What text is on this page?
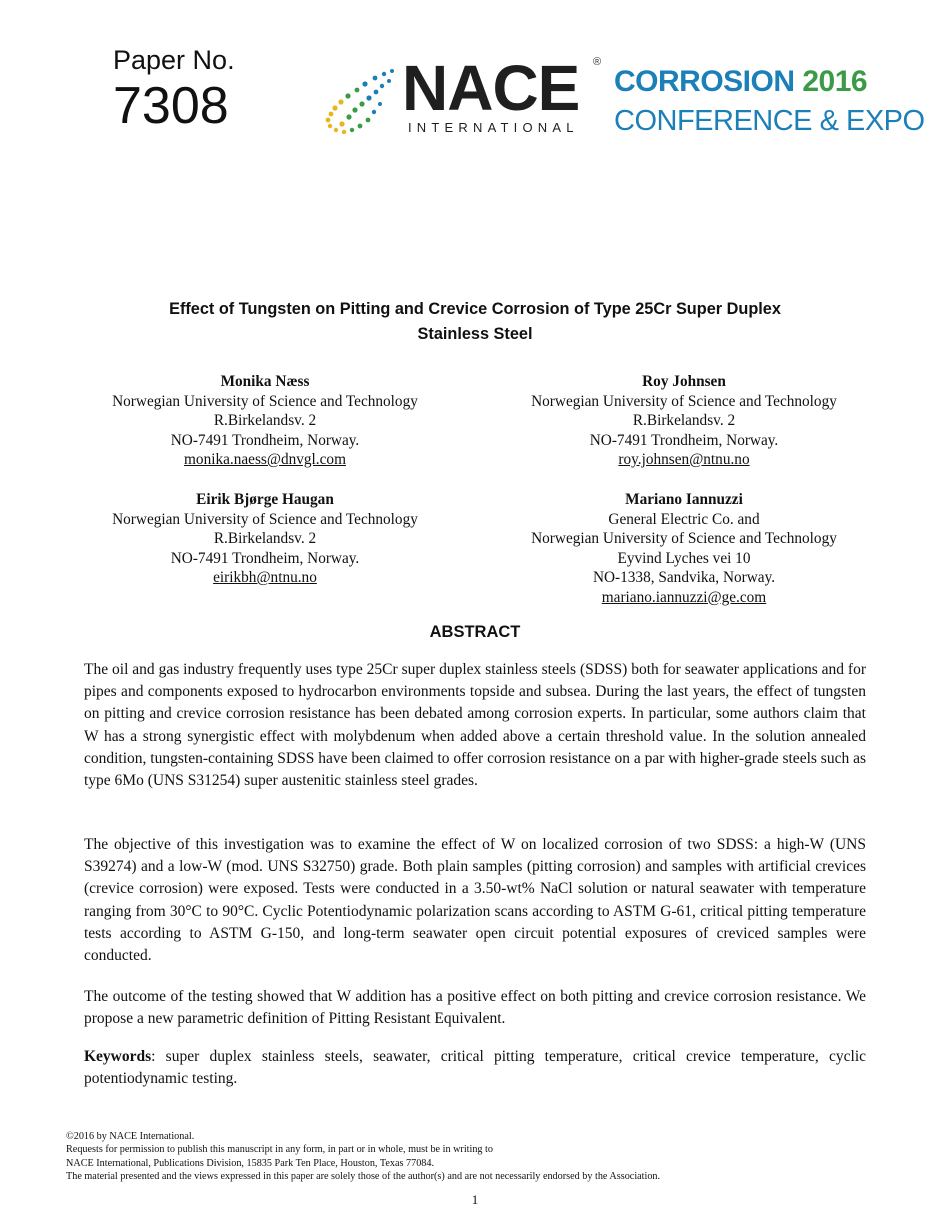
Paper No.
7308	NACE ®
INTERNATIONAL
CORROSION 2016
CONFERENCE & EXPO
Effect of Tungsten on Pitting and Crevice Corrosion of Type 25Cr Super Duplex
Stainless Steel
Monika Næss
Norwegian University of Science and Technology
R.Birkelandsv. 2
NO-7491 Trondheim, Norway.
monika.naess@dnvgl.com
Roy Johnsen
Norwegian University of Science and Technology
R.Birkelandsv. 2
NO-7491 Trondheim, Norway.
roy.johnsen@ntnu.no
Eirik Bjørge Haugan
Norwegian University of Science and Technology
R.Birkelandsv. 2
NO-7491 Trondheim, Norway.
eirikbh@ntnu.no
Mariano Iannuzzi
General Electric Co. and
Norwegian University of Science and Technology
Eyvind Lyches vei 10
NO-1338, Sandvika, Norway.
mariano.iannuzzi@ge.com
ABSTRACT
The oil and gas industry frequently uses type 25Cr super duplex stainless steels (SDSS) both for seawater applications and for pipes and components exposed to hydrocarbon environments topside and subsea. During the last years, the effect of tungsten on pitting and crevice corrosion resistance has been debated among corrosion experts. In particular, some authors claim that W has a strong synergistic effect with molybdenum when added above a certain threshold value. In the solution annealed condition, tungsten-containing SDSS have been claimed to offer corrosion resistance on a par with higher-grade steels such as type 6Mo (UNS S31254) super austenitic stainless steel grades.
The objective of this investigation was to examine the effect of W on localized corrosion of two SDSS: a high-W (UNS S39274) and a low-W (mod. UNS S32750) grade. Both plain samples (pitting corrosion) and samples with artificial crevices (crevice corrosion) were exposed. Tests were conducted in a 3.50-wt% NaCl solution or natural seawater with temperature ranging from 30°C to 90°C. Cyclic Potentiodynamic polarization scans according to ASTM G-61, critical pitting temperature tests according to ASTM G-150, and long-term seawater open circuit potential exposures of creviced samples were conducted.
The outcome of the testing showed that W addition has a positive effect on both pitting and crevice corrosion resistance. We propose a new parametric definition of Pitting Resistant Equivalent.
Keywords: super duplex stainless steels, seawater, critical pitting temperature, critical crevice temperature, cyclic potentiodynamic testing.
©2016 by NACE International.
Requests for permission to publish this manuscript in any form, in part or in whole, must be in writing to
NACE International, Publications Division, 15835 Park Ten Place, Houston, Texas 77084.
The material presented and the views expressed in this paper are solely those of the author(s) and are not necessarily endorsed by the Association.
1
